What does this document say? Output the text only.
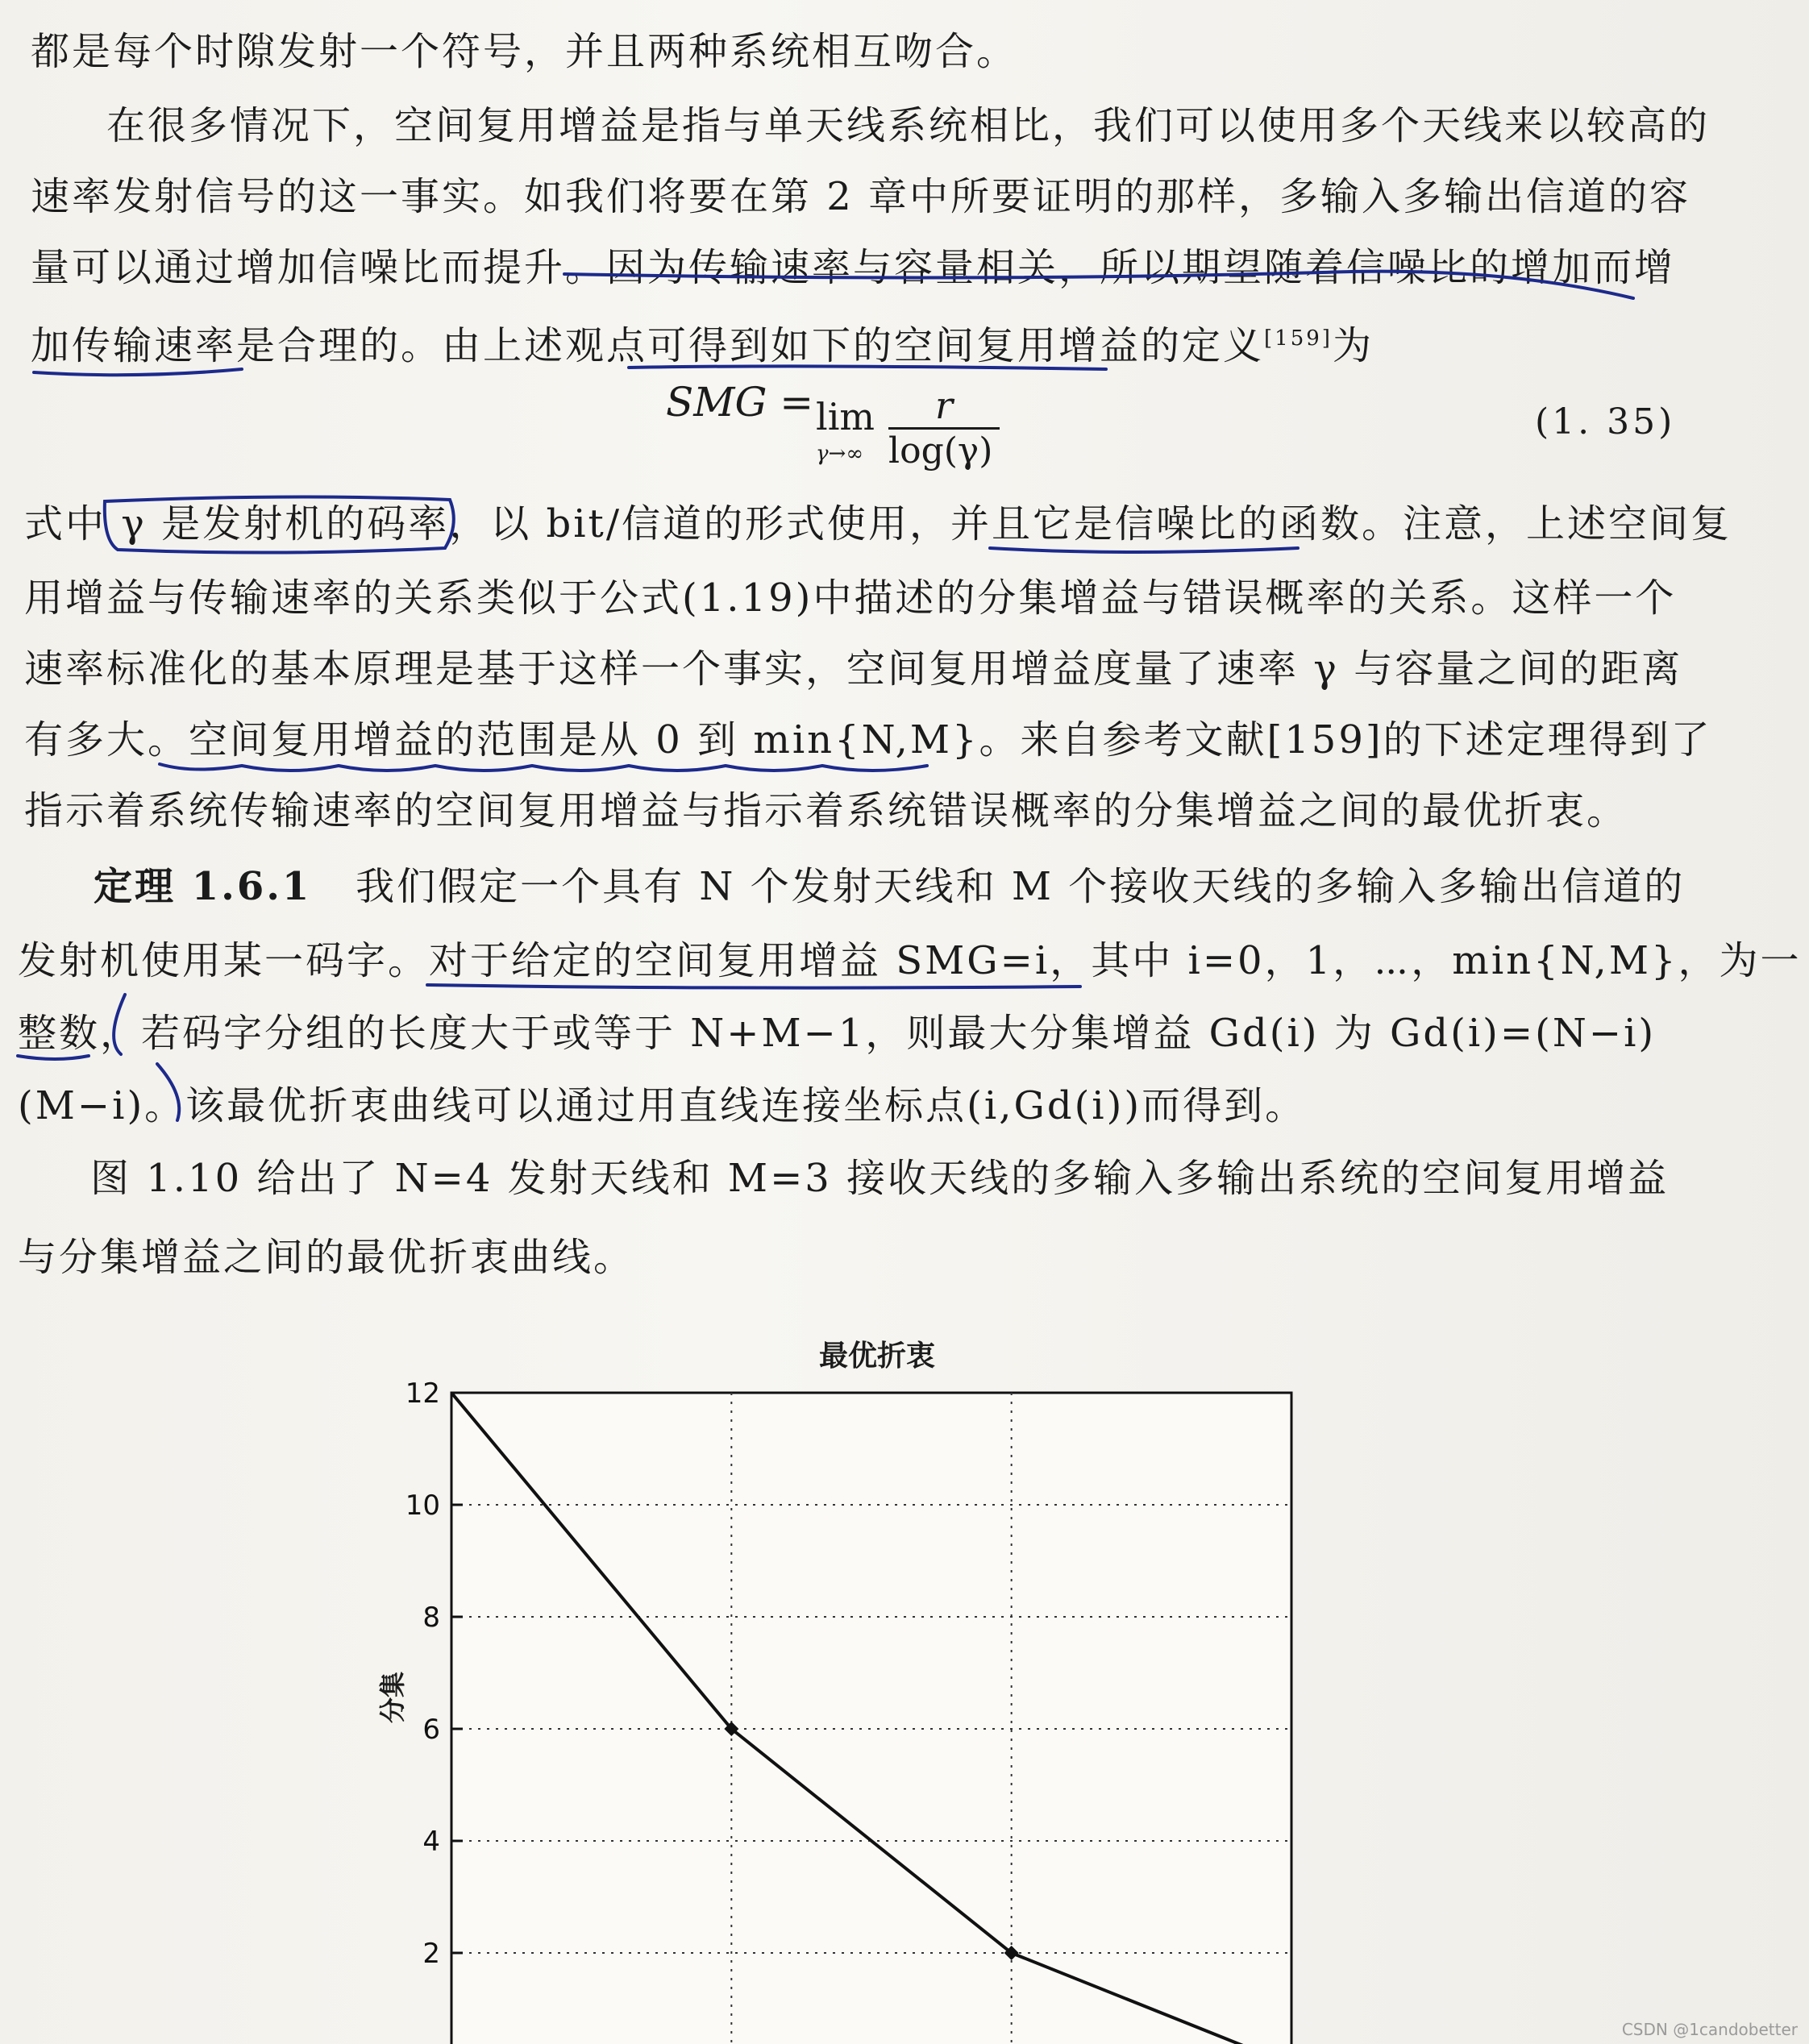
都是每个时隙发射一个符号，并且两种系统相互吻合。
在很多情况下，空间复用增益是指与单天线系统相比，我们可以使用多个天线来以较高的
速率发射信号的这一事实。如我们将要在第 2 章中所要证明的那样，多输入多输出信道的容
量可以通过增加信噪比而提升。因为传输速率与容量相关，所以期望随着信噪比的增加而增
加传输速率是合理的。由上述观点可得到如下的空间复用增益的定义[159]为
SMG = lim
γ→∞
r
log(γ)
(1. 35)
式中 γ 是发射机的码率，以 bit/信道的形式使用，并且它是信噪比的函数。注意，上述空间复
用增益与传输速率的关系类似于公式(1.19)中描述的分集增益与错误概率的关系。这样一个
速率标准化的基本原理是基于这样一个事实，空间复用增益度量了速率 γ 与容量之间的距离
有多大。空间复用增益的范围是从 0 到 min{N,M}。来自参考文献[159]的下述定理得到了
指示着系统传输速率的空间复用增益与指示着系统错误概率的分集增益之间的最优折衷。
定理 1.6.1 我们假定一个具有 N 个发射天线和 M 个接收天线的多输入多输出信道的
发射机使用某一码字。对于给定的空间复用增益 SMG=i，其中 i=0，1，⋯，min{N,M}，为一
整数，若码字分组的长度大于或等于 N+M−1，则最大分集增益 Gd(i) 为 Gd(i)=(N−i)
(M−i)。该最优折衷曲线可以通过用直线连接坐标点(i,Gd(i))而得到。
图 1.10 给出了 N=4 发射天线和 M=3 接收天线的多输入多输出系统的空间复用增益
与分集增益之间的最优折衷曲线。
最优折衷
分集
2
4
6
8
10
12
CSDN @1candobetter
